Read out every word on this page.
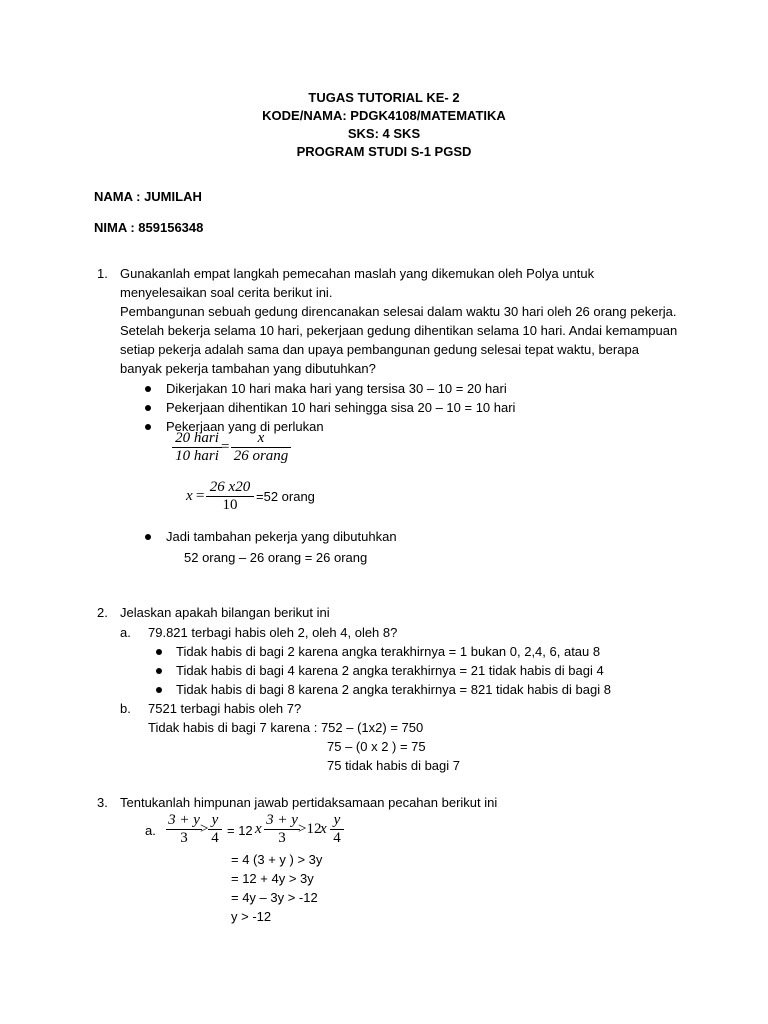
TUGAS TUTORIAL KE- 2
KODE/NAMA: PDGK4108/MATEMATIKA
SKS: 4 SKS
PROGRAM STUDI S-1 PGSD
NAMA : JUMILAH
NIMA : 859156348
1. Gunakanlah empat langkah pemecahan maslah yang dikemukan oleh Polya untuk
menyelesaikan soal cerita berikut ini.
Pembangunan sebuah gedung direncanakan selesai dalam waktu 30 hari oleh 26 orang pekerja.
Setelah bekerja selama 10 hari, pekerjaan gedung dihentikan selama 10 hari. Andai kemampuan
setiap pekerja adalah sama dan upaya pembangunan gedung selesai tepat waktu, berapa
banyak pekerja tambahan yang dibutuhkan?
Dikerjakan 10 hari maka hari yang tersisa 30 – 10 = 20 hari
Pekerjaan dihentikan 10 hari sehingga sisa 20 – 10 = 10 hari
Pekerjaan yang di perlukan
20 hari
10 hari
=
x
26 orang
x =
26 x20
10
=52 orang
Jadi tambahan pekerja yang dibutuhkan
52 orang – 26 orang = 26 orang
2. Jelaskan apakah bilangan berikut ini
a. 79.821 terbagi habis oleh 2, oleh 4, oleh 8?
Tidak habis di bagi 2 karena angka terakhirnya = 1 bukan 0, 2,4, 6, atau 8
Tidak habis di bagi 4 karena 2 angka terakhirnya = 21 tidak habis di bagi 4
Tidak habis di bagi 8 karena 2 angka terakhirnya = 821 tidak habis di bagi 8
b. 7521 terbagi habis oleh 7?
Tidak habis di bagi 7 karena : 752 – (1x2) = 750
75 – (0 x 2 ) = 75
75 tidak habis di bagi 7
3. Tentukanlah himpunan jawab pertidaksamaan pecahan berikut ini
a.
3 + y
3
>
y
4 = 12 x
3 + y
3
>12
x
y
4
= 4 (3 + y ) > 3y
= 12 + 4y > 3y
= 4y – 3y > -12
y > -12
